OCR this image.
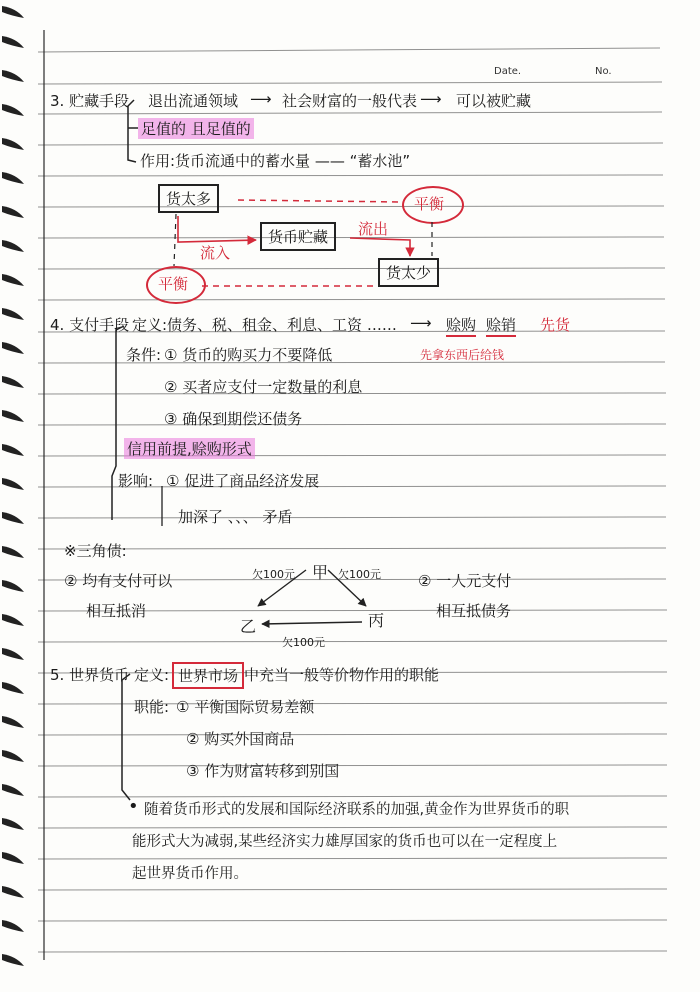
Date.	No.
3. 贮藏手段 退出流通领域 ⟶ 社会财富的一般代表 ⟶ 可以被贮藏
足值的 且足值的
作用:货币流通中的蓄水量 —— “蓄水池”
货太多
货币贮藏
货太少
流入
流出
平衡
平衡
4. 支付手段 定义:债务、税、租金、利息、工资 …… ⟶ 赊购 赊销 先货
先拿东西后给钱
条件: ① 货币的购买力不要降低
② 买者应支付一定数量的利息
③ 确保到期偿还债务
信用前提,赊购形式
影响: ① 促进了商品经济发展
加深了 、、、 矛盾
※三角债:
② 均有支付可以
相互抵消
② 一人元支付
相互抵债务
甲
乙	丙
欠100元	欠100元
欠100元
5. 世界货币 定义: 世界市场 中充当一般等价物作用的职能
职能: ① 平衡国际贸易差额
② 购买外国商品
③ 作为财富转移到别国
• 随着货币形式的发展和国际经济联系的加强,黄金作为世界货币的职
能形式大为减弱,某些经济实力雄厚国家的货币也可以在一定程度上
起世界货币作用。
